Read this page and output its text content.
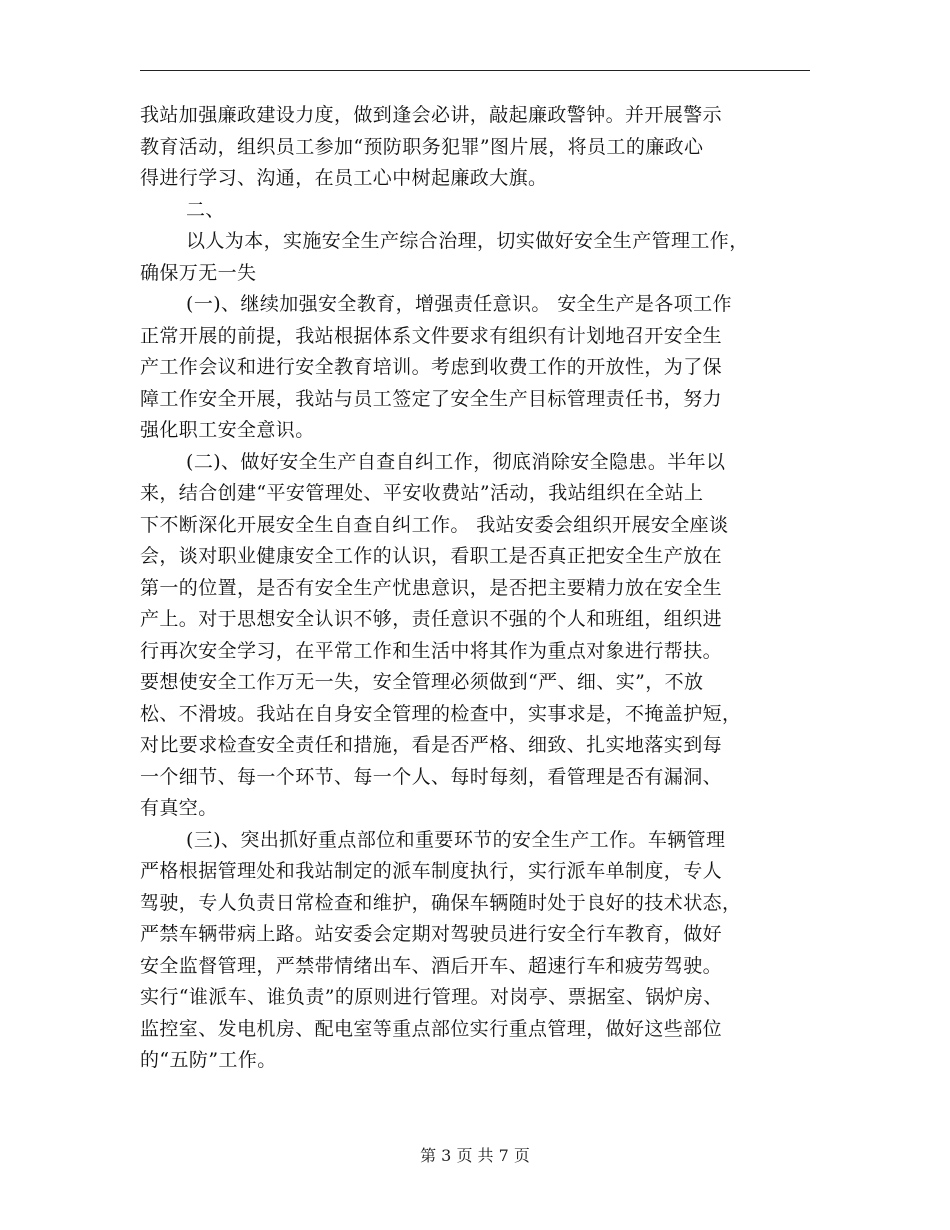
我站加强廉政建设力度，做到逢会必讲，敲起廉政警钟。并开展警示
教育活动，组织员工参加“预防职务犯罪”图片展，将员工的廉政心
得进行学习、沟通，在员工心中树起廉政大旗。
二、
以人为本，实施安全生产综合治理，切实做好安全生产管理工作，
确保万无一失
(一)、继续加强安全教育，增强责任意识。 安全生产是各项工作
正常开展的前提，我站根据体系文件要求有组织有计划地召开安全生
产工作会议和进行安全教育培训。考虑到收费工作的开放性，为了保
障工作安全开展，我站与员工签定了安全生产目标管理责任书，努力
强化职工安全意识。
(二)、做好安全生产自查自纠工作，彻底消除安全隐患。半年以
来，结合创建“平安管理处、平安收费站”活动，我站组织在全站上
下不断深化开展安全生自查自纠工作。 我站安委会组织开展安全座谈
会，谈对职业健康安全工作的认识，看职工是否真正把安全生产放在
第一的位置，是否有安全生产忧患意识，是否把主要精力放在安全生
产上。对于思想安全认识不够，责任意识不强的个人和班组，组织进
行再次安全学习，在平常工作和生活中将其作为重点对象进行帮扶。
要想使安全工作万无一失，安全管理必须做到“严、细、实”，不放
松、不滑坡。我站在自身安全管理的检查中，实事求是，不掩盖护短，
对比要求检查安全责任和措施，看是否严格、细致、扎实地落实到每
一个细节、每一个环节、每一个人、每时每刻，看管理是否有漏洞、
有真空。
(三)、突出抓好重点部位和重要环节的安全生产工作。车辆管理
严格根据管理处和我站制定的派车制度执行，实行派车单制度，专人
驾驶，专人负责日常检查和维护，确保车辆随时处于良好的技术状态，
严禁车辆带病上路。站安委会定期对驾驶员进行安全行车教育，做好
安全监督管理，严禁带情绪出车、酒后开车、超速行车和疲劳驾驶。
实行“谁派车、谁负责”的原则进行管理。对岗亭、票据室、锅炉房、
监控室、发电机房、配电室等重点部位实行重点管理，做好这些部位
的“五防”工作。
第 3 页 共 7 页
